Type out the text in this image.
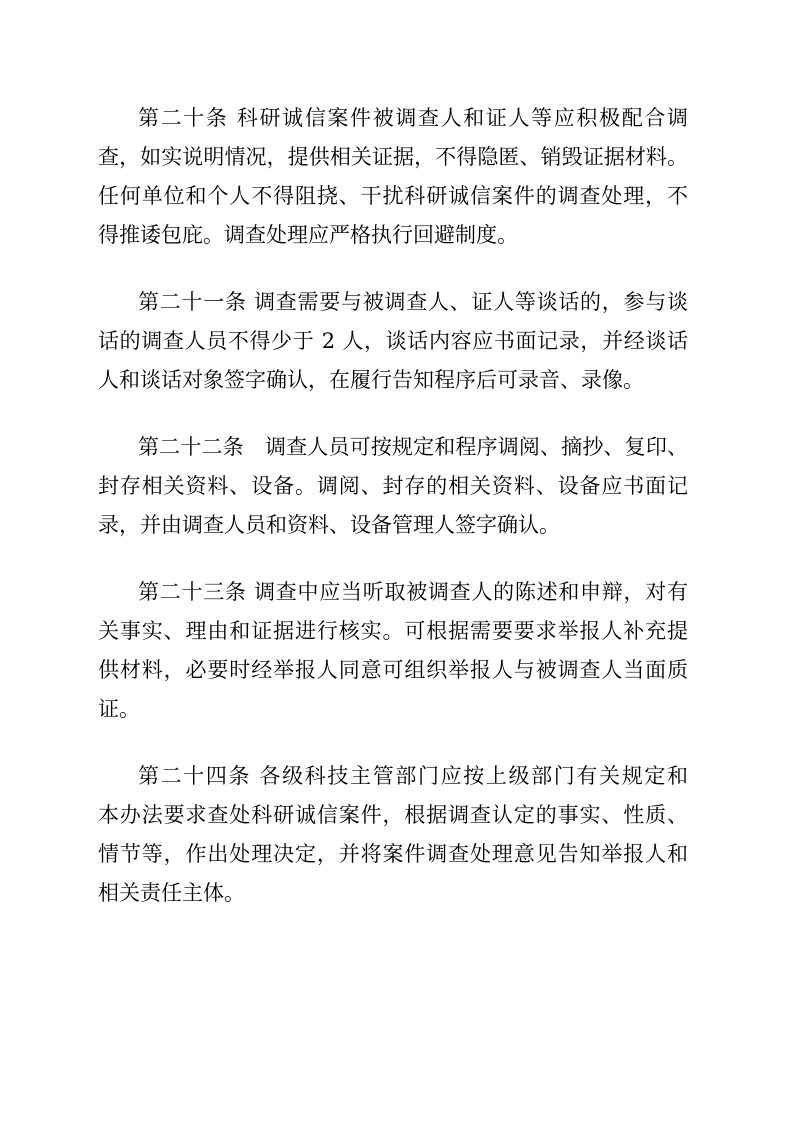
第二十条 科研诚信案件被调查人和证人等应积极配合调
查，如实说明情况，提供相关证据，不得隐匿、销毁证据材料。
任何单位和个人不得阻挠、干扰科研诚信案件的调查处理，不
得推诿包庇。调查处理应严格执行回避制度。
第二十一条 调查需要与被调查人、证人等谈话的，参与谈
话的调查人员不得少于 2 人，谈话内容应书面记录，并经谈话
人和谈话对象签字确认，在履行告知程序后可录音、录像。
第二十二条　调查人员可按规定和程序调阅、摘抄、复印、
封存相关资料、设备。调阅、封存的相关资料、设备应书面记
录，并由调查人员和资料、设备管理人签字确认。
第二十三条 调查中应当听取被调查人的陈述和申辩，对有
关事实、理由和证据进行核实。可根据需要要求举报人补充提
供材料，必要时经举报人同意可组织举报人与被调查人当面质
证。
第二十四条 各级科技主管部门应按上级部门有关规定和
本办法要求查处科研诚信案件，根据调查认定的事实、性质、
情节等，作出处理决定，并将案件调查处理意见告知举报人和
相关责任主体。
